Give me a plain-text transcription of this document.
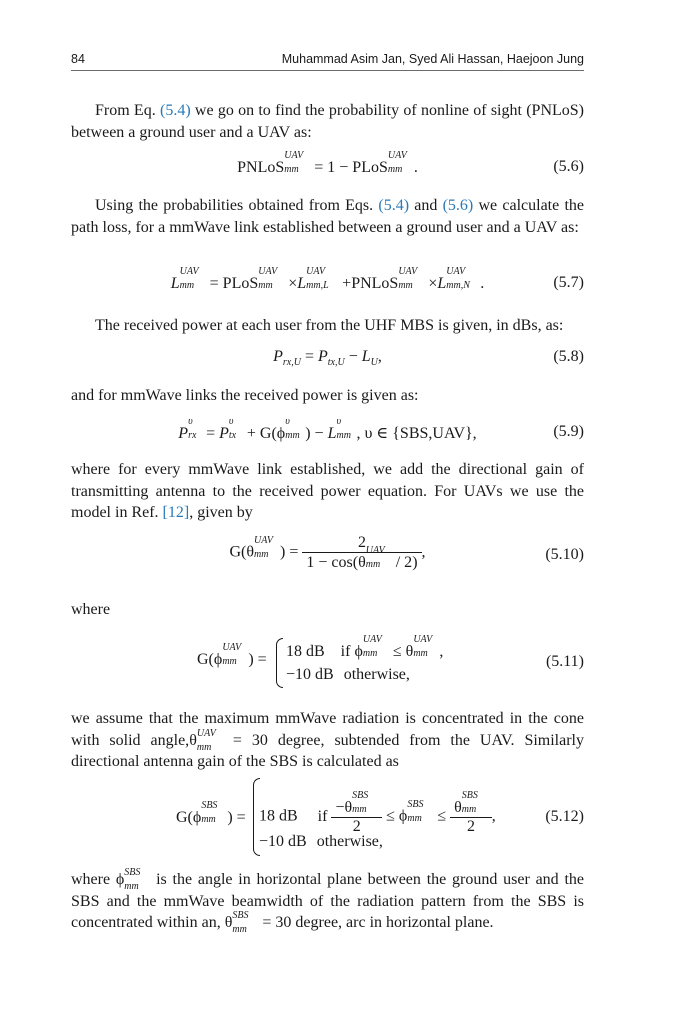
84	Muhammad Asim Jan, Syed Ali Hassan, Haejoon Jung
From Eq. (5.4) we go on to find the probability of nonline of sight (PNLoS) between a ground user and a UAV as:
PNLoS
UAV
mm = 1 − PLoS
UAV
mm .	(5.6)
Using the probabilities obtained from Eqs. (5.4) and (5.6) we calculate the path loss, for a mmWave link established between a ground user and a UAV as:
L
UAV
mm = PLoS
UAV
mm ×L
UAV
mm,L +PNLoS
UAV
mm ×L
UAV
mm,N .	(5.7)
The received power at each user from the UHF MBS is given, in dBs, as:
$P_{rx,U} = P_{tx,U} - L_U$,	(5.8)
and for mmWave links the received power is given as:
P
υ
rx = P
υ
tx + G(ϕ
υ
mm ) − L
υ
mm , υ ∈ {SBS,UAV},	(5.9)
where for every mmWave link established, we add the directional gain of transmitting antenna to the received power equation. For UAVs we use the model in Ref. [12], given by
G(θ
UAV
mm ) = 2
1 − cos(θ
UAV
mm / 2) ,	(5.10)
where
G(ϕ
UAV
mm ) = 18 dB if ϕ
UAV
mm ≤ θ
UAV
mm ,
−10 dB otherwise,
(5.11)
we assume that the maximum mmWave radiation is concentrated in the cone with solid angle,θ UAV
mm = 30 degree, subtended from the UAV. Similarly directional antenna gain of the SBS is calculated as
G(ϕ
SBS
mm ) = 18 dB if −θ
SBS
mm
2 ≤ ϕ
SBS
mm ≤ θ
SBS
mm
2 ,
−10 dB otherwise,
(5.12)
where ϕ SBS
mm is the angle in horizontal plane between the ground user and the SBS and the mmWave beamwidth of the radiation pattern from the SBS is concentrated within an, θ SBS
mm = 30 degree, arc in horizontal plane.
